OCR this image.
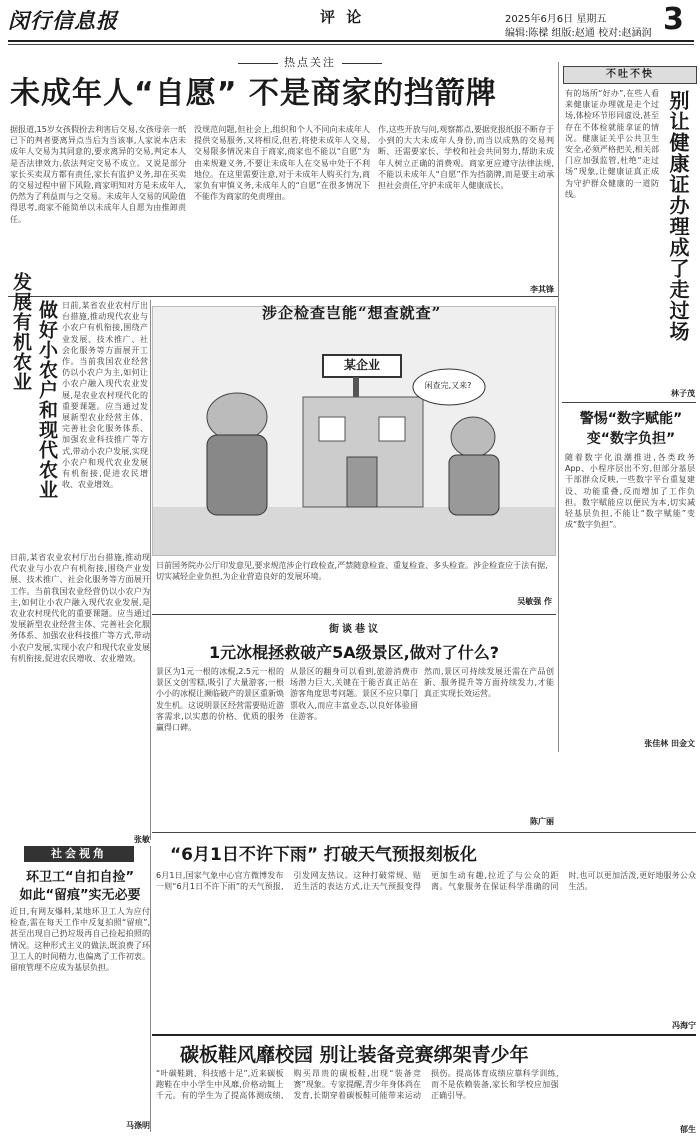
闵行信息报	评 论	2025年6月6日 星期五
编辑:陈樑 组版:赵通 校对:赵涵润 3
热点关注
未成年人“自愿” 不是商家的挡箭牌
据报道,15岁女孩假扮去利害后交易,女孩母亲一纸已下的判者要离异点当后为当该事,人家说本店未成年人交易为其同意的,要求离异的交易,判定本人是否法律效力,依法判定交易不成立。又说是部分家长买卖双方都有责任,家长有监护义务,却在买卖的交易过程中留下风险,商家明知对方是未成年人,仍然为了利益而与之交易。未成年人交易的风险值得思考,商家不能简单以未成年人自愿为由推卸责任。
没规范问题,但社会上,组织和个人不同向未成年人提供交易服务,又将相反,但若,将使未成年人交易,交易限多情况来自于商家,商家也不能以“自愿”为由来规避义务,不要让未成年人在交易中处于不利地位。在这里需要注意,对于未成年人购买行为,商家负有审慎义务,未成年人的“自愿”在很多情况下不能作为商家的免责理由。
作,这些开放与问,观察都点,要据党报纸报不断存于小到的大大未成年人身份,而当以成熟的交易判断、还需要家长、学校和社会共同努力,帮助未成年人树立正确的消费观。商家更应遵守法律法规,不能以未成年人“自愿”作为挡箭牌,而是要主动承担社会责任,守护未成年人健康成长。
李其锋
不吐不快
别让健康证办理成了走过场
有的场所“好办”,在些人看来健康证办理就是走个过场,体检环节形同虚设,甚至存在不体检就能拿证的情况。健康证关乎公共卫生安全,必须严格把关,相关部门应加强监管,杜绝“走过场”现象,让健康证真正成为守护群众健康的一道防线。
林子茂
警惕“数字赋能”
变“数字负担”
随着数字化浪潮推进,各类政务App、小程序层出不穷,但部分基层干部群众反映,一些数字平台重复建设、功能重叠,反而增加了工作负担。数字赋能应以便民为本,切实减轻基层负担,不能让“数字赋能”变成“数字负担”。
张佳林 田金文
发展有机农业 做好小农户和现代农业 日前,某省农业农村厅出台措施,推动现代农业与小农户有机衔接,围绕产业发展、技术推广、社会化服务等方面展开工作。当前我国农业经营仍以小农户为主,如何让小农户融入现代农业发展,是农业农村现代化的重要课题。应当通过发展新型农业经营主体、完善社会化服务体系、加强农业科技推广等方式,带动小农户发展,实现小农户和现代农业发展有机衔接,促进农民增收、农业增效。
日前,某省农业农村厅出台措施,推动现代农业与小农户有机衔接,围绕产业发展、技术推广、社会化服务等方面展开工作。当前我国农业经营仍以小农户为主,如何让小农户融入现代农业发展,是农业农村现代化的重要课题。应当通过发展新型农业经营主体、完善社会化服务体系、加强农业科技推广等方式,带动小农户发展,实现小农户和现代农业发展有机衔接,促进农民增收、农业增效。
张敏
涉企检查岂能“想查就查”
某企业
闲查完,又来?
日前国务院办公厅印发意见,要求规范涉企行政检查,严禁随意检查、重复检查、多头检查。涉企检查应于法有据,切实减轻企业负担,为企业营造良好的发展环境。
吴敏强 作
街谈巷议
1元冰棍拯救破产5A级景区,做对了什么?
景区为1元一根的冰棍,2.5元一根的景区文创雪糕,吸引了大量游客,一根小小的冰棍让濒临破产的景区重新焕发生机。这说明景区经营需要贴近游客需求,以实惠的价格、优质的服务赢得口碑。
从景区的翻身可以看到,旅游消费市场潜力巨大,关键在于能否真正站在游客角度思考问题。景区不应只靠门票收入,而应丰富业态,以良好体验留住游客。
然而,景区可持续发展还需在产品创新、服务提升等方面持续发力,才能真正实现长效运营。
陈广丽
社会视角
环卫工“自扣自捡”
如此“留痕”实无必要
近日,有网友爆料,某地环卫工人为应付检查,需在每天工作中反复拍照“留痕”,甚至出现自己扔垃圾再自己捡起拍照的情况。这种形式主义的做法,既浪费了环卫工人的时间精力,也偏离了工作初衷。留痕管理不应成为基层负担。
马涤明
“6月1日不许下雨” 打破天气预报刻板化
6月1日,国家气象中心官方微博发布一则“6月1日不许下雨”的天气预报,引发网友热议。这种打破常规、贴近生活的表达方式,让天气预报变得更加生动有趣,拉近了与公众的距离。气象服务在保证科学准确的同时,也可以更加活泼,更好地服务公众生活。
冯海宁
碳板鞋风靡校园 别让装备竞赛绑架青少年
“叶碳鞋跳、科技感十足”,近来碳板跑鞋在中小学生中风靡,价格动辄上千元。有的学生为了提高体测成绩,购买昂贵的碳板鞋,出现“装备竞赛”现象。专家提醒,青少年身体尚在发育,长期穿着碳板鞋可能带来运动损伤。提高体育成绩应靠科学训练,而不是依赖装备,家长和学校应加强正确引导。
郁生
